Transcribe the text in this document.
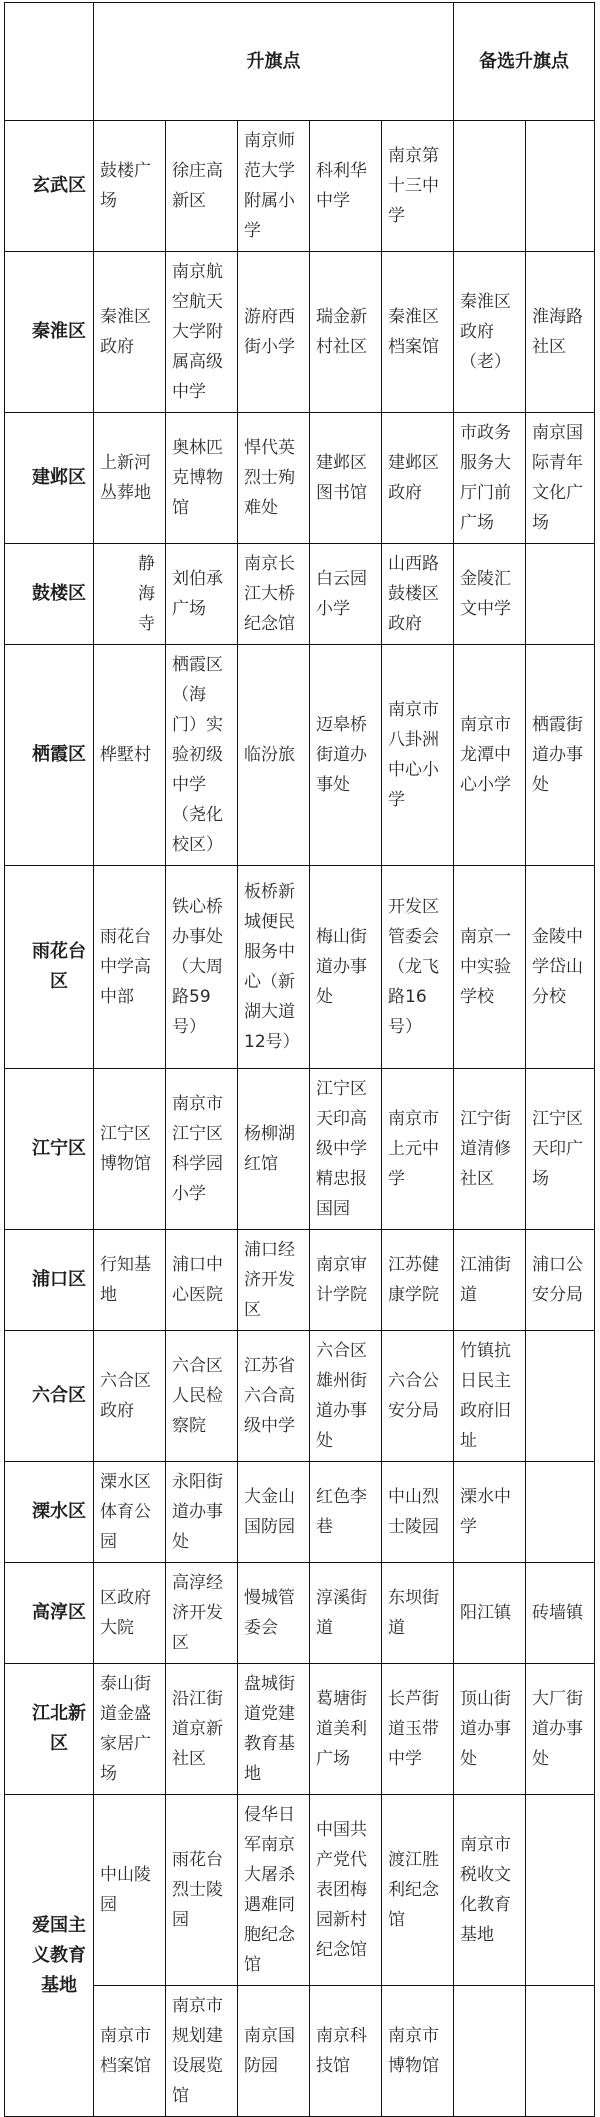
	升旗点					备选升旗点	
玄武区	鼓楼广场	徐庄高新区	南京师范大学附属小学	科利华中学	南京第十三中学		
秦淮区	秦淮区政府	南京航空航天大学附属高级中学	游府西街小学	瑞金新村社区	秦淮区档案馆	秦淮区政府（老）	淮海路社区
建邺区	上新河丛葬地	奥林匹克博物馆	悍代英烈士殉难处	建邺区图书馆	建邺区政府	市政务服务大厅门前广场	南京国际青年文化广场
鼓楼区	静海寺	刘伯承广场	南京长江大桥纪念馆	白云园小学	山西路鼓楼区政府	金陵汇文中学	
栖霞区	桦墅村	栖霞区（海门）实验初级中学（尧化校区）	临汾旅	迈皋桥街道办事处	南京市八卦洲中心小学	南京市龙潭中心小学	栖霞街道办事处
雨花台区	雨花台中学高中部	铁心桥办事处（大周路59号）	板桥新城便民服务中心（新湖大道12号）	梅山街道办事处	开发区管委会（龙飞路16号）	南京一中实验学校	金陵中学岱山分校
江宁区	江宁区博物馆	南京市江宁区科学园小学	杨柳湖红馆	江宁区天印高级中学精忠报国园	南京市上元中学	江宁街道清修社区	江宁区天印广场
浦口区	行知基地	浦口中心医院	浦口经济开发区	南京审计学院	江苏健康学院	江浦街道	浦口公安分局
六合区	六合区政府	六合区人民检察院	江苏省六合高级中学	六合区雄州街道办事处	六合公安分局	竹镇抗日民主政府旧址	
溧水区	溧水区体育公园	永阳街道办事处	大金山国防园	红色李巷	中山烈士陵园	溧水中学	
高淳区	区政府大院	高淳经济开发区	慢城管委会	淳溪街道	东坝街道	阳江镇	砖墙镇
江北新区	泰山街道金盛家居广场	沿江街道京新社区	盘城街道党建教育基地	葛塘街道美利广场	长芦街道玉带中学	顶山街道办事处	大厂街道办事处
爱国主义教育基地	中山陵园	雨花台烈士陵园	侵华日军南京大屠杀遇难同胞纪念馆	中国共产党代表团梅园新村纪念馆	渡江胜利纪念馆	南京市税收文化教育基地	
	南京市档案馆	南京市规划建设展览馆	南京国防园	南京科技馆	南京市博物馆		
